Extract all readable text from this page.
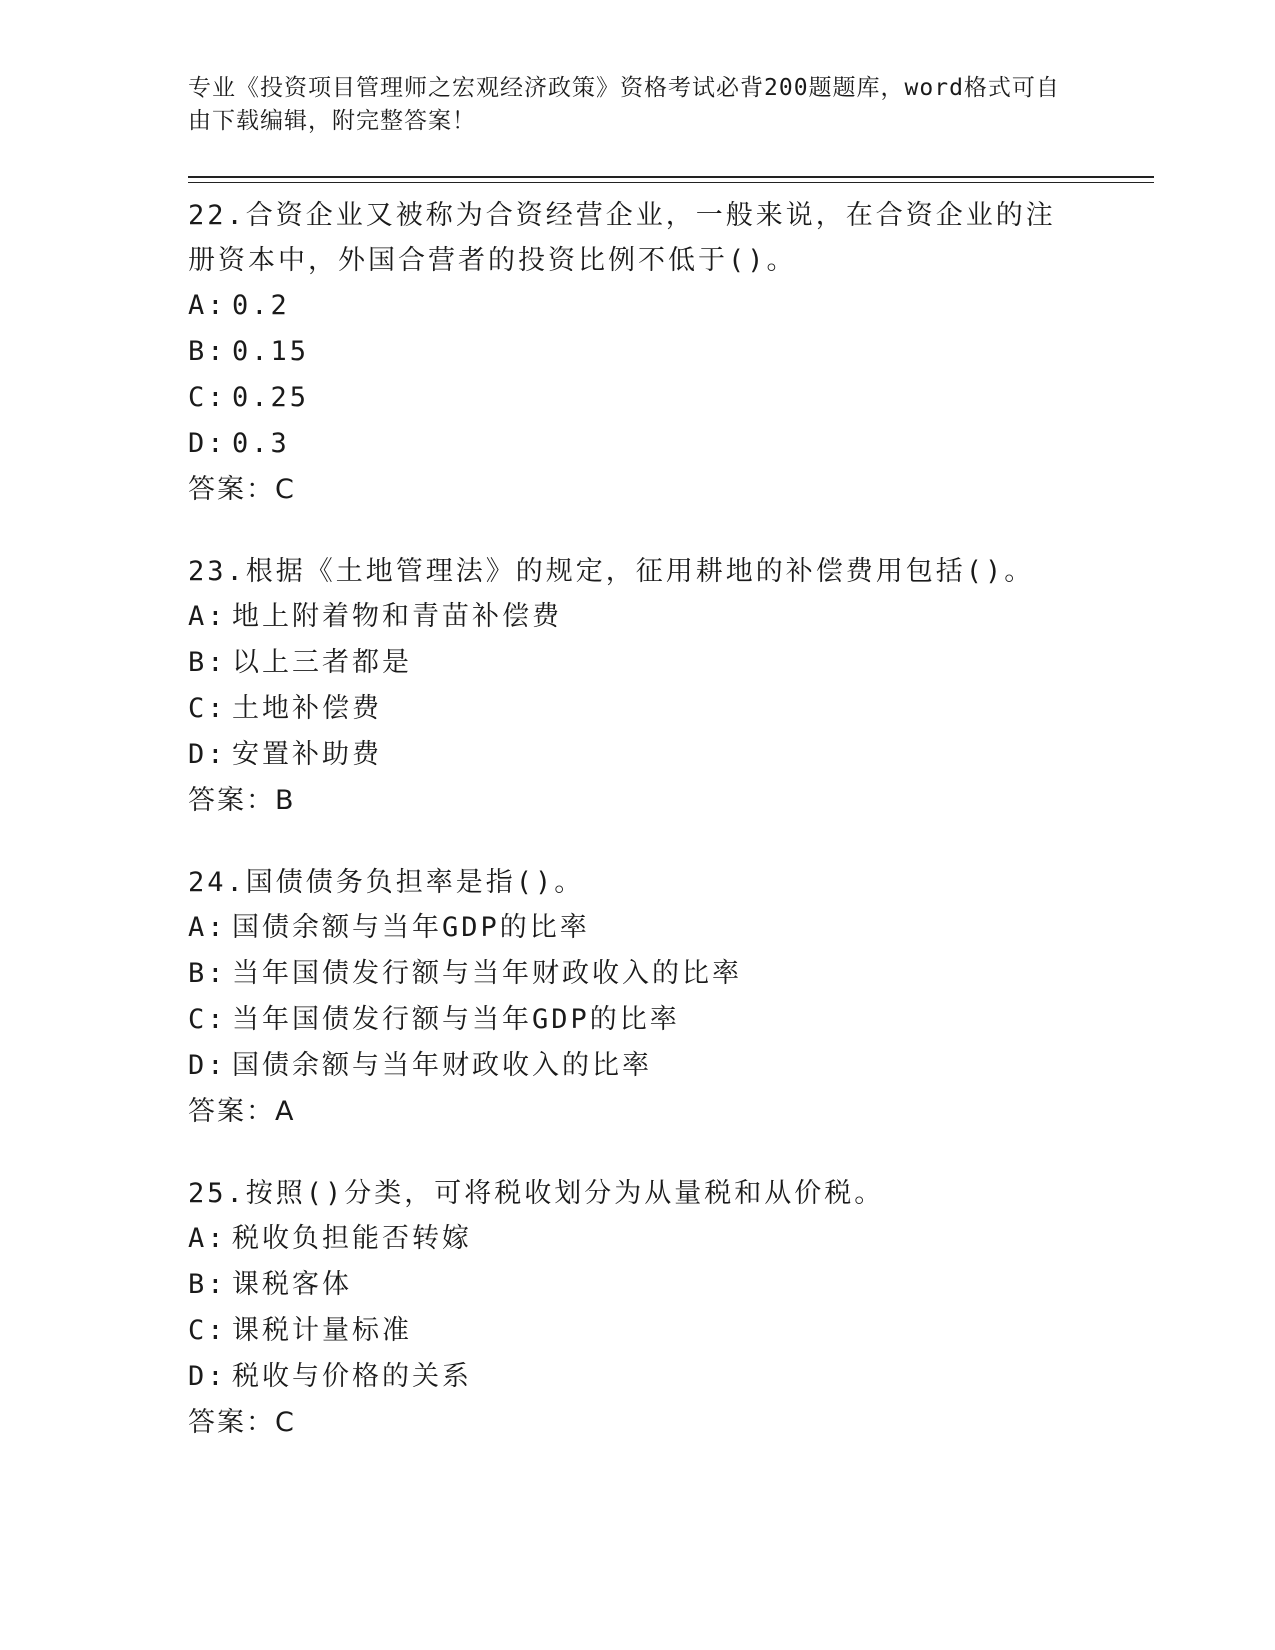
专业《投资项目管理师之宏观经济政策》资格考试必背200题题库，word格式可自由下载编辑，附完整答案！

22.合资企业又被称为合资经营企业，一般来说，在合资企业的注册资本中，外国合营者的投资比例不低于()。

A: 0.2
B: 0.15
C: 0.25
D: 0.3
答案：C

23.根据《土地管理法》的规定，征用耕地的补偿费用包括()。

A: 地上附着物和青苗补偿费
B: 以上三者都是
C: 土地补偿费
D: 安置补助费
答案：B

24.国债债务负担率是指()。

A: 国债余额与当年GDP的比率
B: 当年国债发行额与当年财政收入的比率
C: 当年国债发行额与当年GDP的比率
D: 国债余额与当年财政收入的比率
答案：A

25.按照()分类，可将税收划分为从量税和从价税。

A: 税收负担能否转嫁
B: 课税客体
C: 课税计量标准
D: 税收与价格的关系
答案：C
